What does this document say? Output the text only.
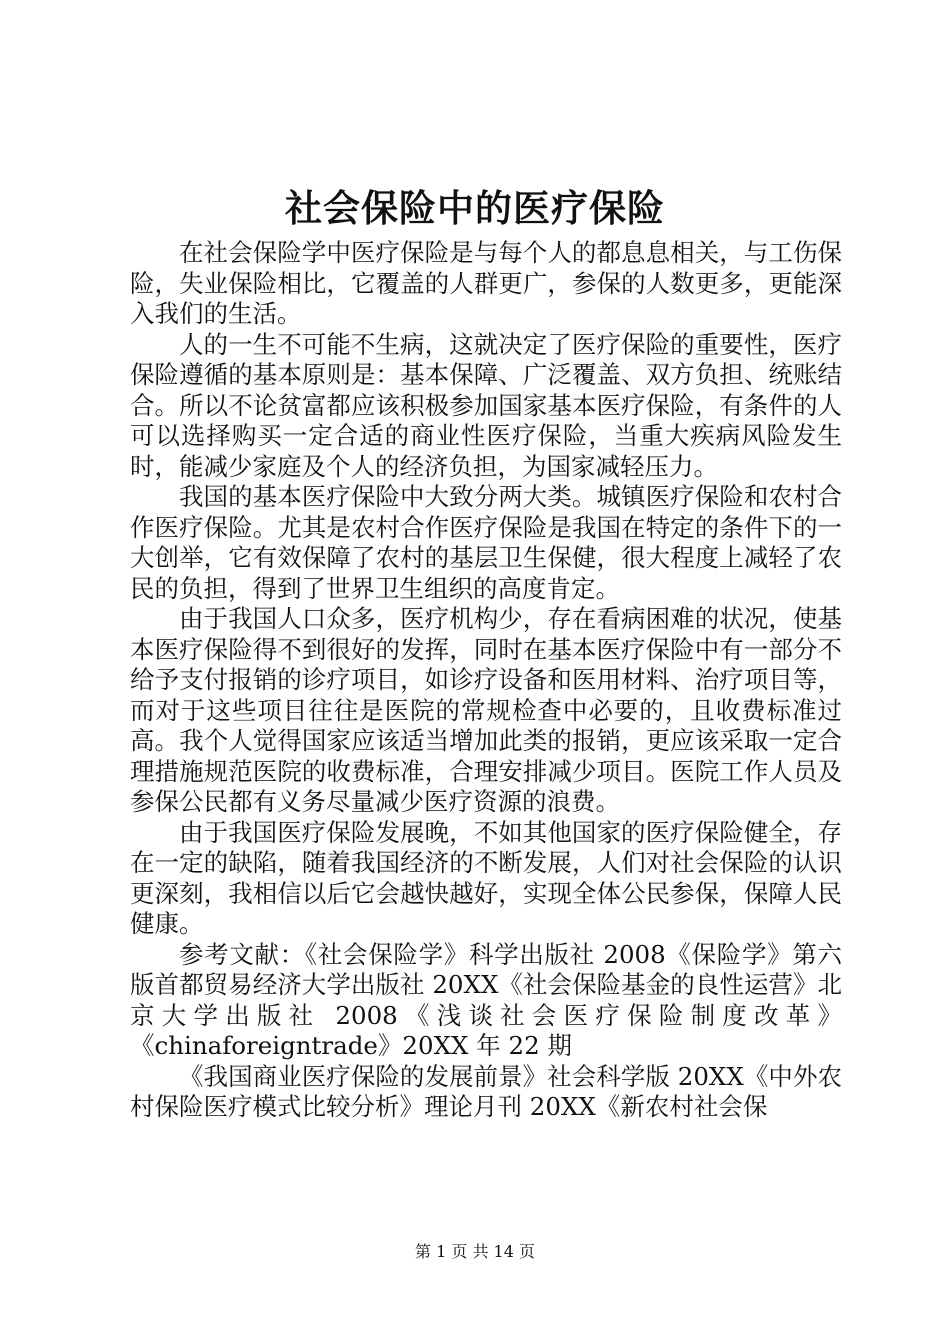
社会保险中的医疗保险

在社会保险学中医疗保险是与每个人的都息息相关，与工伤保险，失业保险相比，它覆盖的人群更广，参保的人数更多，更能深入我们的生活。

人的一生不可能不生病，这就决定了医疗保险的重要性，医疗保险遵循的基本原则是：基本保障、广泛覆盖、双方负担、统账结合。所以不论贫富都应该积极参加国家基本医疗保险，有条件的人可以选择购买一定合适的商业性医疗保险，当重大疾病风险发生时，能减少家庭及个人的经济负担，为国家减轻压力。

我国的基本医疗保险中大致分两大类。城镇医疗保险和农村合作医疗保险。尤其是农村合作医疗保险是我国在特定的条件下的一大创举，它有效保障了农村的基层卫生保健，很大程度上减轻了农民的负担，得到了世界卫生组织的高度肯定。

由于我国人口众多，医疗机构少，存在看病困难的状况，使基本医疗保险得不到很好的发挥，同时在基本医疗保险中有一部分不给予支付报销的诊疗项目，如诊疗设备和医用材料、治疗项目等，而对于这些项目往往是医院的常规检查中必要的，且收费标准过高。我个人觉得国家应该适当增加此类的报销，更应该采取一定合理措施规范医院的收费标准，合理安排减少项目。医院工作人员及参保公民都有义务尽量减少医疗资源的浪费。

由于我国医疗保险发展晚，不如其他国家的医疗保险健全，存在一定的缺陷，随着我国经济的不断发展，人们对社会保险的认识更深刻，我相信以后它会越快越好，实现全体公民参保，保障人民健康。

参考文献：《社会保险学》科学出版社 2008《保险学》第六版首都贸易经济大学出版社 20XX《社会保险基金的良性运营》北京大学出版社 2008《浅谈社会医疗保险制度改革》《chinaforeigntrade》20XX 年 22 期

《我国商业医疗保险的发展前景》社会科学版 20XX《中外农村保险医疗模式比较分析》理论月刊 20XX《新农村社会保

第 1 页 共 14 页
